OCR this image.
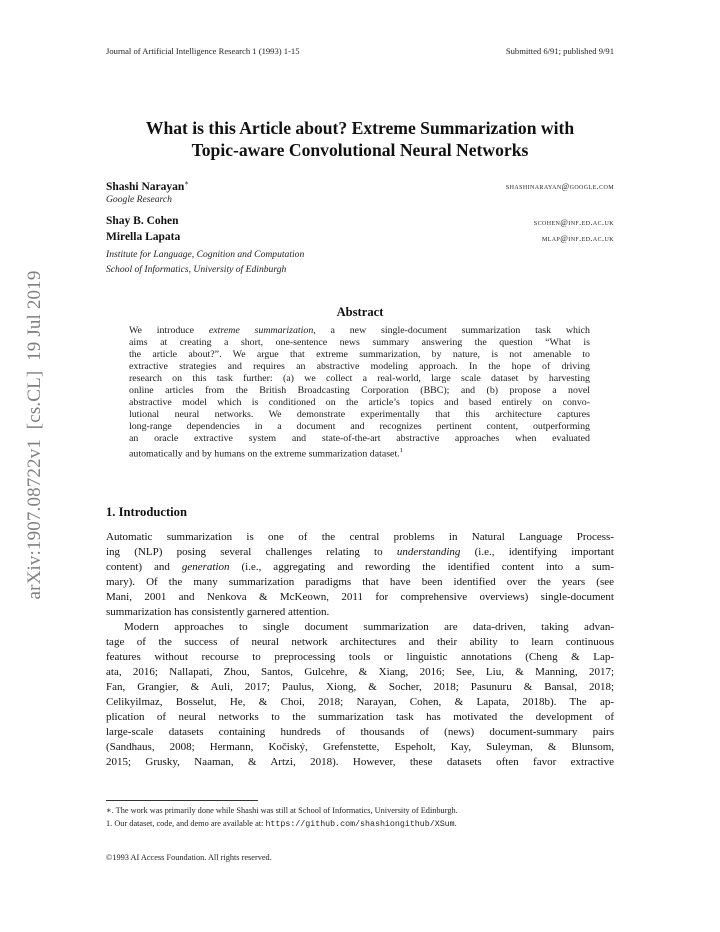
Journal of Artificial Intelligence Research 1 (1993) 1-15	Submitted 6/91; published 9/91
What is this Article about? Extreme Summarization with
Topic-aware Convolutional Neural Networks
Shashi Narayan∗	shashinarayan@google.com
Google Research
Shay B. Cohen	scohen@inf.ed.ac.uk
Mirella Lapata	mlap@inf.ed.ac.uk
Institute for Language, Cognition and Computation
School of Informatics, University of Edinburgh
Abstract
We introduce extreme summarization, a new single-document summarization task which
aims at creating a short, one-sentence news summary answering the question “What is
the article about?”. We argue that extreme summarization, by nature, is not amenable to
extractive strategies and requires an abstractive modeling approach. In the hope of driving
research on this task further: (a) we collect a real-world, large scale dataset by harvesting
online articles from the British Broadcasting Corporation (BBC); and (b) propose a novel
abstractive model which is conditioned on the article’s topics and based entirely on convo-
lutional neural networks. We demonstrate experimentally that this architecture captures
long-range dependencies in a document and recognizes pertinent content, outperforming
an oracle extractive system and state-of-the-art abstractive approaches when evaluated
automatically and by humans on the extreme summarization dataset.$^1$
1. Introduction
Automatic summarization is one of the central problems in Natural Language Process-
ing (NLP) posing several challenges relating to understanding (i.e., identifying important
content) and generation (i.e., aggregating and rewording the identified content into a sum-
mary). Of the many summarization paradigms that have been identified over the years (see
Mani, 2001 and Nenkova & McKeown, 2011 for comprehensive overviews) single-document
summarization has consistently garnered attention.
Modern approaches to single document summarization are data-driven, taking advan-
tage of the success of neural network architectures and their ability to learn continuous
features without recourse to preprocessing tools or linguistic annotations (Cheng & Lap-
ata, 2016; Nallapati, Zhou, Santos, Gulcehre, & Xiang, 2016; See, Liu, & Manning, 2017;
Fan, Grangier, & Auli, 2017; Paulus, Xiong, & Socher, 2018; Pasunuru & Bansal, 2018;
Celikyilmaz, Bosselut, He, & Choi, 2018; Narayan, Cohen, & Lapata, 2018b). The ap-
plication of neural networks to the summarization task has motivated the development of
large-scale datasets containing hundreds of thousands of (news) document-summary pairs
(Sandhaus, 2008; Hermann, Kočiský, Grefenstette, Espeholt, Kay, Suleyman, & Blunsom,
2015; Grusky, Naaman, & Artzi, 2018). However, these datasets often favor extractive
∗. The work was primarily done while Shashi was still at School of Informatics, University of Edinburgh.
1. Our dataset, code, and demo are available at: https://github.com/shashiongithub/XSum.
©1993 AI Access Foundation. All rights reserved.
arXiv:1907.08722v1  [cs.CL]  19 Jul 2019
